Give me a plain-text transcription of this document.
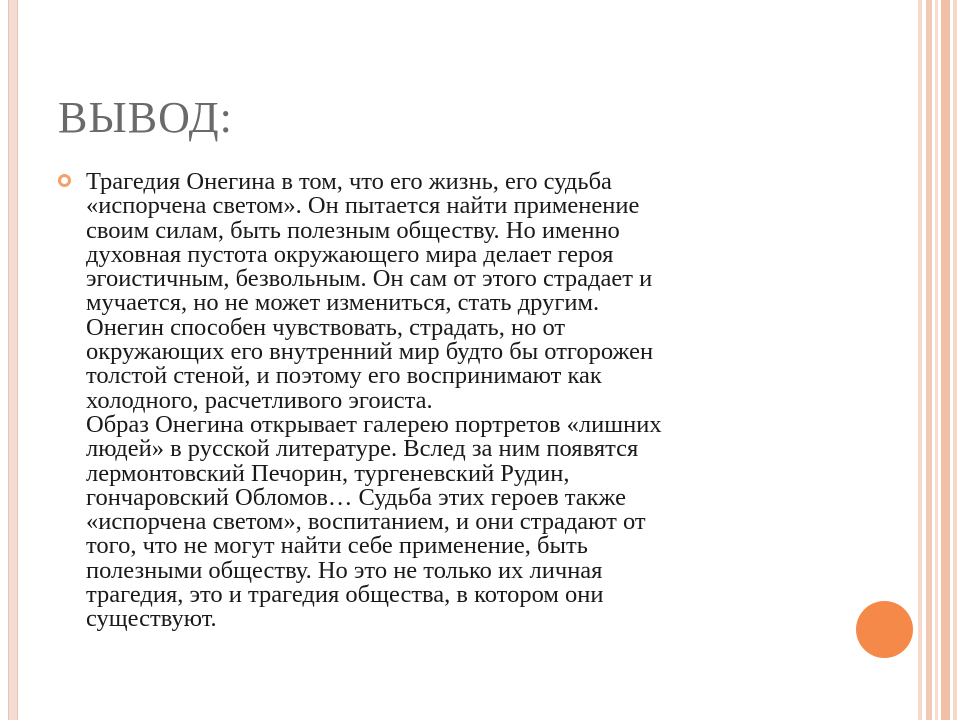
ВЫВОД:
Трагедия Онегина в том, что его жизнь, его судьба
«испорчена светом». Он пытается найти применение
своим силам, быть полезным обществу. Но именно
духовная пустота окружающего мира делает героя
эгоистичным, безвольным. Он сам от этого страдает и
мучается, но не может измениться, стать другим.
Онегин способен чувствовать, страдать, но от
окружающих его внутренний мир будто бы отгорожен
толстой стеной, и поэтому его воспринимают как
холодного, расчетливого эгоиста.
Образ Онегина открывает галерею портретов «лишних
людей» в русской литературе. Вслед за ним появятся
лермонтовский Печорин, тургеневский Рудин,
гончаровский Обломов… Судьба этих героев также
«испорчена светом», воспитанием, и они страдают от
того, что не могут найти себе применение, быть
полезными обществу. Но это не только их личная
трагедия, это и трагедия общества, в котором они
существуют.
